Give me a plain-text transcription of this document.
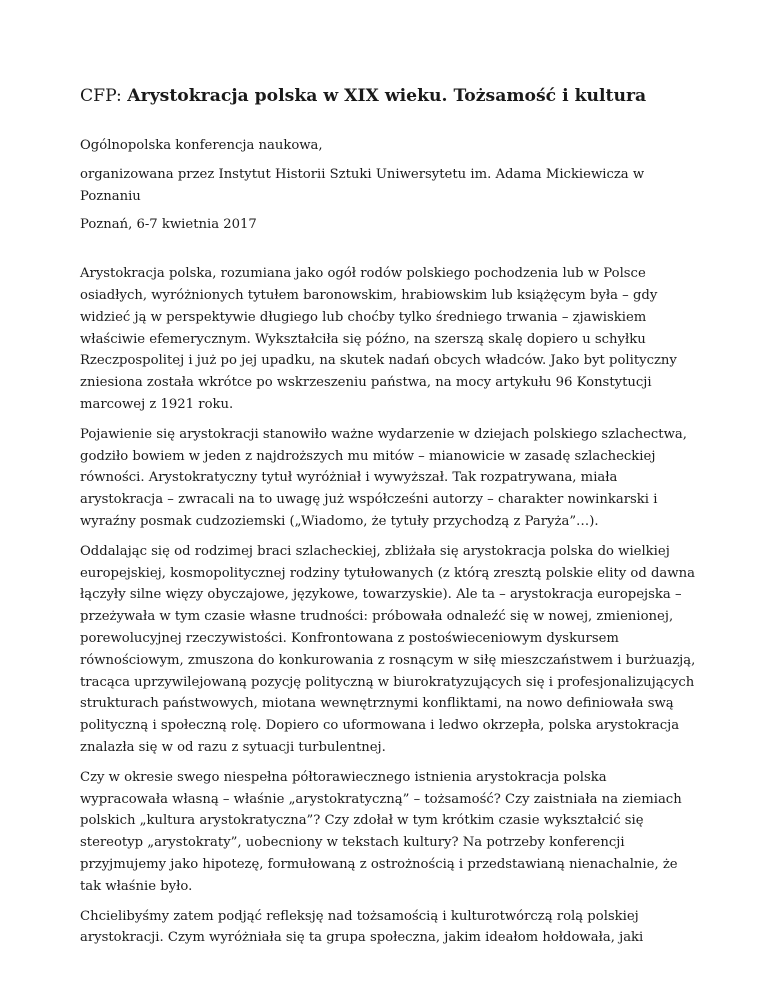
CFP: Arystokracja polska w XIX wieku. Tożsamość i kultura

Ogólnopolska konferencja naukowa,

organizowana przez Instytut Historii Sztuki Uniwersytetu im. Adama Mickiewicza w Poznaniu

Poznań, 6-7 kwietnia 2017

Arystokracja polska, rozumiana jako ogół rodów polskiego pochodzenia lub w Polsce osiadłych, wyróżnionych tytułem baronowskim, hrabiowskim lub książęcym była – gdy widzieć ją w perspektywie długiego lub choćby tylko średniego trwania – zjawiskiem właściwie efemerycznym. Wykształciła się późno, na szerszą skalę dopiero u schyłku Rzeczpospolitej i już po jej upadku, na skutek nadań obcych władców. Jako byt polityczny zniesiona została wkrótce po wskrzeszeniu państwa, na mocy artykułu 96 Konstytucji marcowej z 1921 roku.

Pojawienie się arystokracji stanowiło ważne wydarzenie w dziejach polskiego szlachectwa, godziło bowiem w jeden z najdroższych mu mitów – mianowicie w zasadę szlacheckiej równości. Arystokratyczny tytuł wyróżniał i wywyższał. Tak rozpatrywana, miała arystokracja – zwracali na to uwagę już współcześni autorzy – charakter nowinkarski i wyraźny posmak cudzoziemski („Wiadomo, że tytuły przychodzą z Paryża”…).

Oddalając się od rodzimej braci szlacheckiej, zbliżała się arystokracja polska do wielkiej europejskiej, kosmopolitycznej rodziny tytułowanych (z którą zresztą polskie elity od dawna łączyły silne więzy obyczajowe, językowe, towarzyskie). Ale ta – arystokracja europejska – przeżywała w tym czasie własne trudności: próbowała odnaleźć się w nowej, zmienionej, porewolucyjnej rzeczywistości. Konfrontowana z postoświeceniowym dyskursem równościowym, zmuszona do konkurowania z rosnącym w siłę mieszczaństwem i burżuazją, tracąca uprzywilejowaną pozycję polityczną w biurokratyzujących się i profesjonalizujących strukturach państwowych, miotana wewnętrznymi konfliktami, na nowo definiowała swą polityczną i społeczną rolę. Dopiero co uformowana i ledwo okrzepła, polska arystokracja znalazła się w od razu z sytuacji turbulentnej.

Czy w okresie swego niespełna półtorawiecznego istnienia arystokracja polska wypracowała własną – właśnie „arystokratyczną” – tożsamość? Czy zaistniała na ziemiach polskich „kultura arystokratyczna”? Czy zdołał w tym krótkim czasie wykształcić się stereotyp „arystokraty”, uobecniony w tekstach kultury? Na potrzeby konferencji przyjmujemy jako hipotezę, formułowaną z ostrożnością i przedstawianą nienachalnie, że tak właśnie było.

Chcielibyśmy zatem podjąć refleksję nad tożsamością i kulturotwórczą rolą polskiej arystokracji. Czym wyróżniała się ta grupa społeczna, jakim ideałom hołdowała, jaki
